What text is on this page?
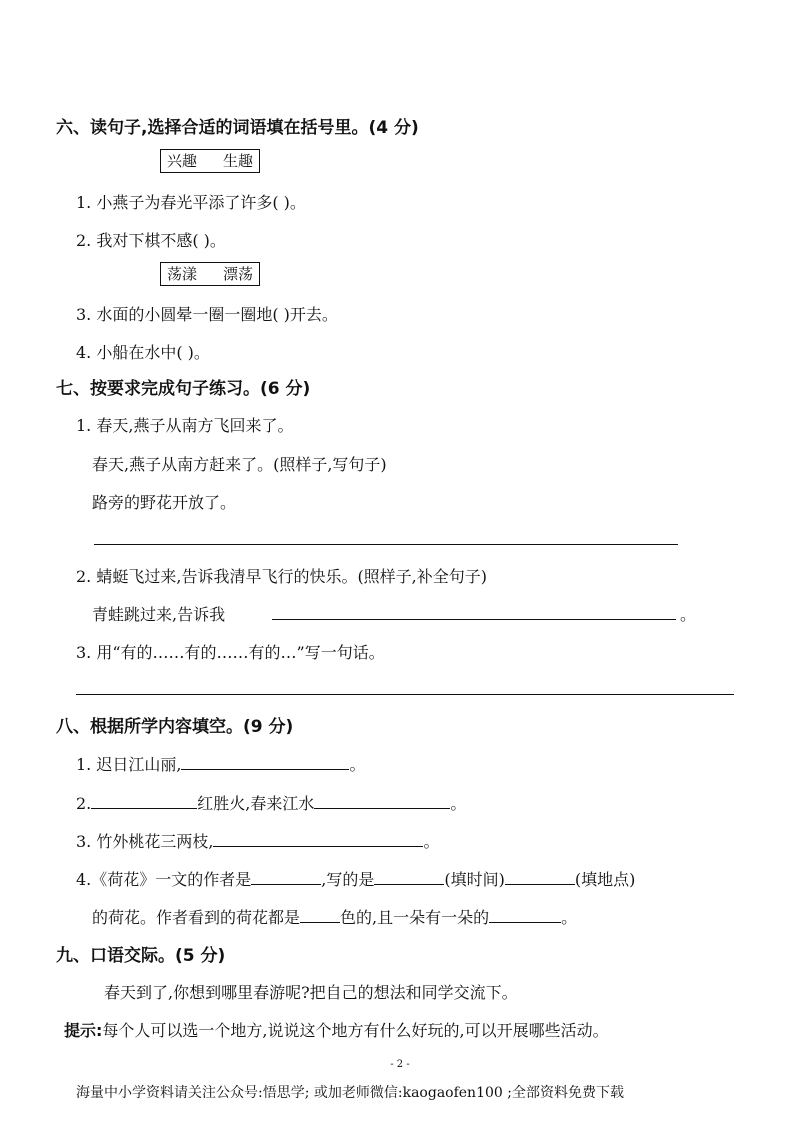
六、读句子,选择合适的词语填在括号里。(4 分)
兴趣 生趣
1. 小燕子为春光平添了许多( )。
2. 我对下棋不感( )。
荡漾 漂荡
3. 水面的小圆晕一圈一圈地( )开去。
4. 小船在水中( )。
七、按要求完成句子练习。(6 分)
1. 春天,燕子从南方飞回来了。
春天,燕子从南方赶来了。(照样子,写句子)
路旁的野花开放了。
2. 蜻蜓飞过来,告诉我清早飞行的快乐。(照样子,补全句子)
青蛙跳过来,告诉我	。
3. 用“有的……有的……有的…”写一句话。
八、根据所学内容填空。(9 分)
1. 迟日江山丽,	。
2.	红胜火,春来江水	。
3. 竹外桃花三两枝,	。
4.《荷花》一文的作者是	,写的是	(填时间)	(填地点)
的荷花。作者看到的荷花都是	色的,且一朵有一朵的	。
九、口语交际。(5 分)
春天到了,你想到哪里春游呢?把自己的想法和同学交流下。
提示:每个人可以选一个地方,说说这个地方有什么好玩的,可以开展哪些活动。
- 2 -
海量中小学资料请关注公众号:悟思学; 或加老师微信:kaogaofen100 ;全部资料免费下载
